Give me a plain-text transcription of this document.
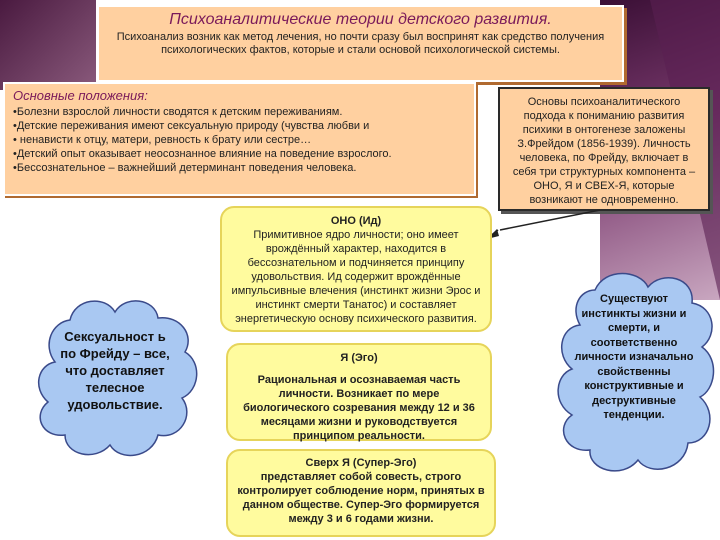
Психоаналитические теории детского развития.
Психоанализ возник как метод лечения, но почти сразу был воспринят как средство получения психологических фактов, которые и стали основой психологической системы.
Основные положения:
• Болезни взрослой личности сводятся к детским переживаниям.
• Детские переживания имеют сексуальную природу (чувства любви и
• ненависти к отцу, матери, ревность к брату или сестре…
• Детский опыт оказывает неосознанное влияние на поведение взрослого.
• Бессознательное – важнейший детерминант поведения человека.
Основы психоаналитического подхода к пониманию развития психики в онтогенезе заложены З.Фрейдом (1856-1939). Личность человека, по Фрейду, включает в себя три структурных компонента – ОНО, Я и СВЕХ-Я, которые возникают не одновременно.
ОНО (Ид)
Примитивное ядро личности; оно имеет врождённый характер, находится в бессознательном и подчиняется принципу удовольствия. Ид содержит врождённые импульсивные влечения (инстинкт жизни Эрос и инстинкт смерти Танатос) и составляет энергетическую основу психического развития.
Я (Эго)
Рациональная и осознаваемая часть личности. Возникает по мере биологического созревания между 12 и 36 месяцами жизни и руководствуется принципом реальности.
Сверх Я (Супер-Эго)
представляет собой совесть, строго контролирует соблюдение норм, принятых в данном обществе. Супер-Эго формируется между 3 и 6 годами жизни.
Сексуальност ь по Фрейду – все, что доставляет телесное удовольствие.
Существуют инстинкты жизни и смерти, и соответственно личности изначально свойственны конструктивные и деструктивные тенденции.
